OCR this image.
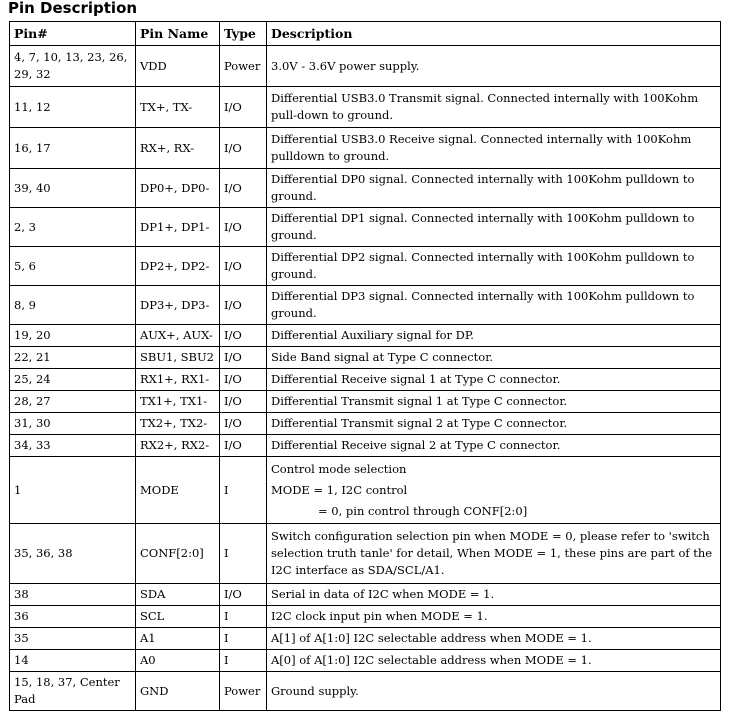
Pin Description
Pin#	Pin Name	Type	Description
4, 7, 10, 13, 23, 26, 29, 32	VDD	Power	3.0V - 3.6V power supply.
11, 12	TX+, TX-	I/O	Differential USB3.0 Transmit signal. Connected internally with 100Kohm pull-down to ground.
16, 17	RX+, RX-	I/O	Differential USB3.0 Receive signal. Connected internally with 100Kohm pulldown to ground.
39, 40	DP0+, DP0-	I/O	Differential DP0 signal. Connected internally with 100Kohm pulldown to ground.
2, 3	DP1+, DP1-	I/O	Differential DP1 signal. Connected internally with 100Kohm pulldown to ground.
5, 6	DP2+, DP2-	I/O	Differential DP2 signal. Connected internally with 100Kohm pulldown to ground.
8, 9	DP3+, DP3-	I/O	Differential DP3 signal. Connected internally with 100Kohm pulldown to ground.
19, 20	AUX+, AUX-	I/O	Differential Auxiliary signal for DP.
22, 21	SBU1, SBU2	I/O	Side Band signal at Type C connector.
25, 24	RX1+, RX1-	I/O	Differential Receive signal 1 at Type C connector.
28, 27	TX1+, TX1-	I/O	Differential Transmit signal 1 at Type C connector.
31, 30	TX2+, TX2-	I/O	Differential Transmit signal 2 at Type C connector.
34, 33	RX2+, RX2-	I/O	Differential Receive signal 2 at Type C connector.
1	MODE	I	Control mode selection
MODE = 1, I2C control
= 0, pin control through CONF[2:0]

35, 36, 38	CONF[2:0]	I	Switch configuration selection pin when MODE = 0, please refer to 'switch selection truth tanle' for detail, When MODE = 1, these pins are part of the I2C interface as SDA/SCL/A1.
38	SDA	I/O	Serial in data of I2C when MODE = 1.
36	SCL	I	I2C clock input pin when MODE = 1.
35	A1	I	A[1] of A[1:0] I2C selectable address when MODE = 1.
14	A0	I	A[0] of A[1:0] I2C selectable address when MODE = 1.
15, 18, 37, Center Pad	GND	Power	Ground supply.
